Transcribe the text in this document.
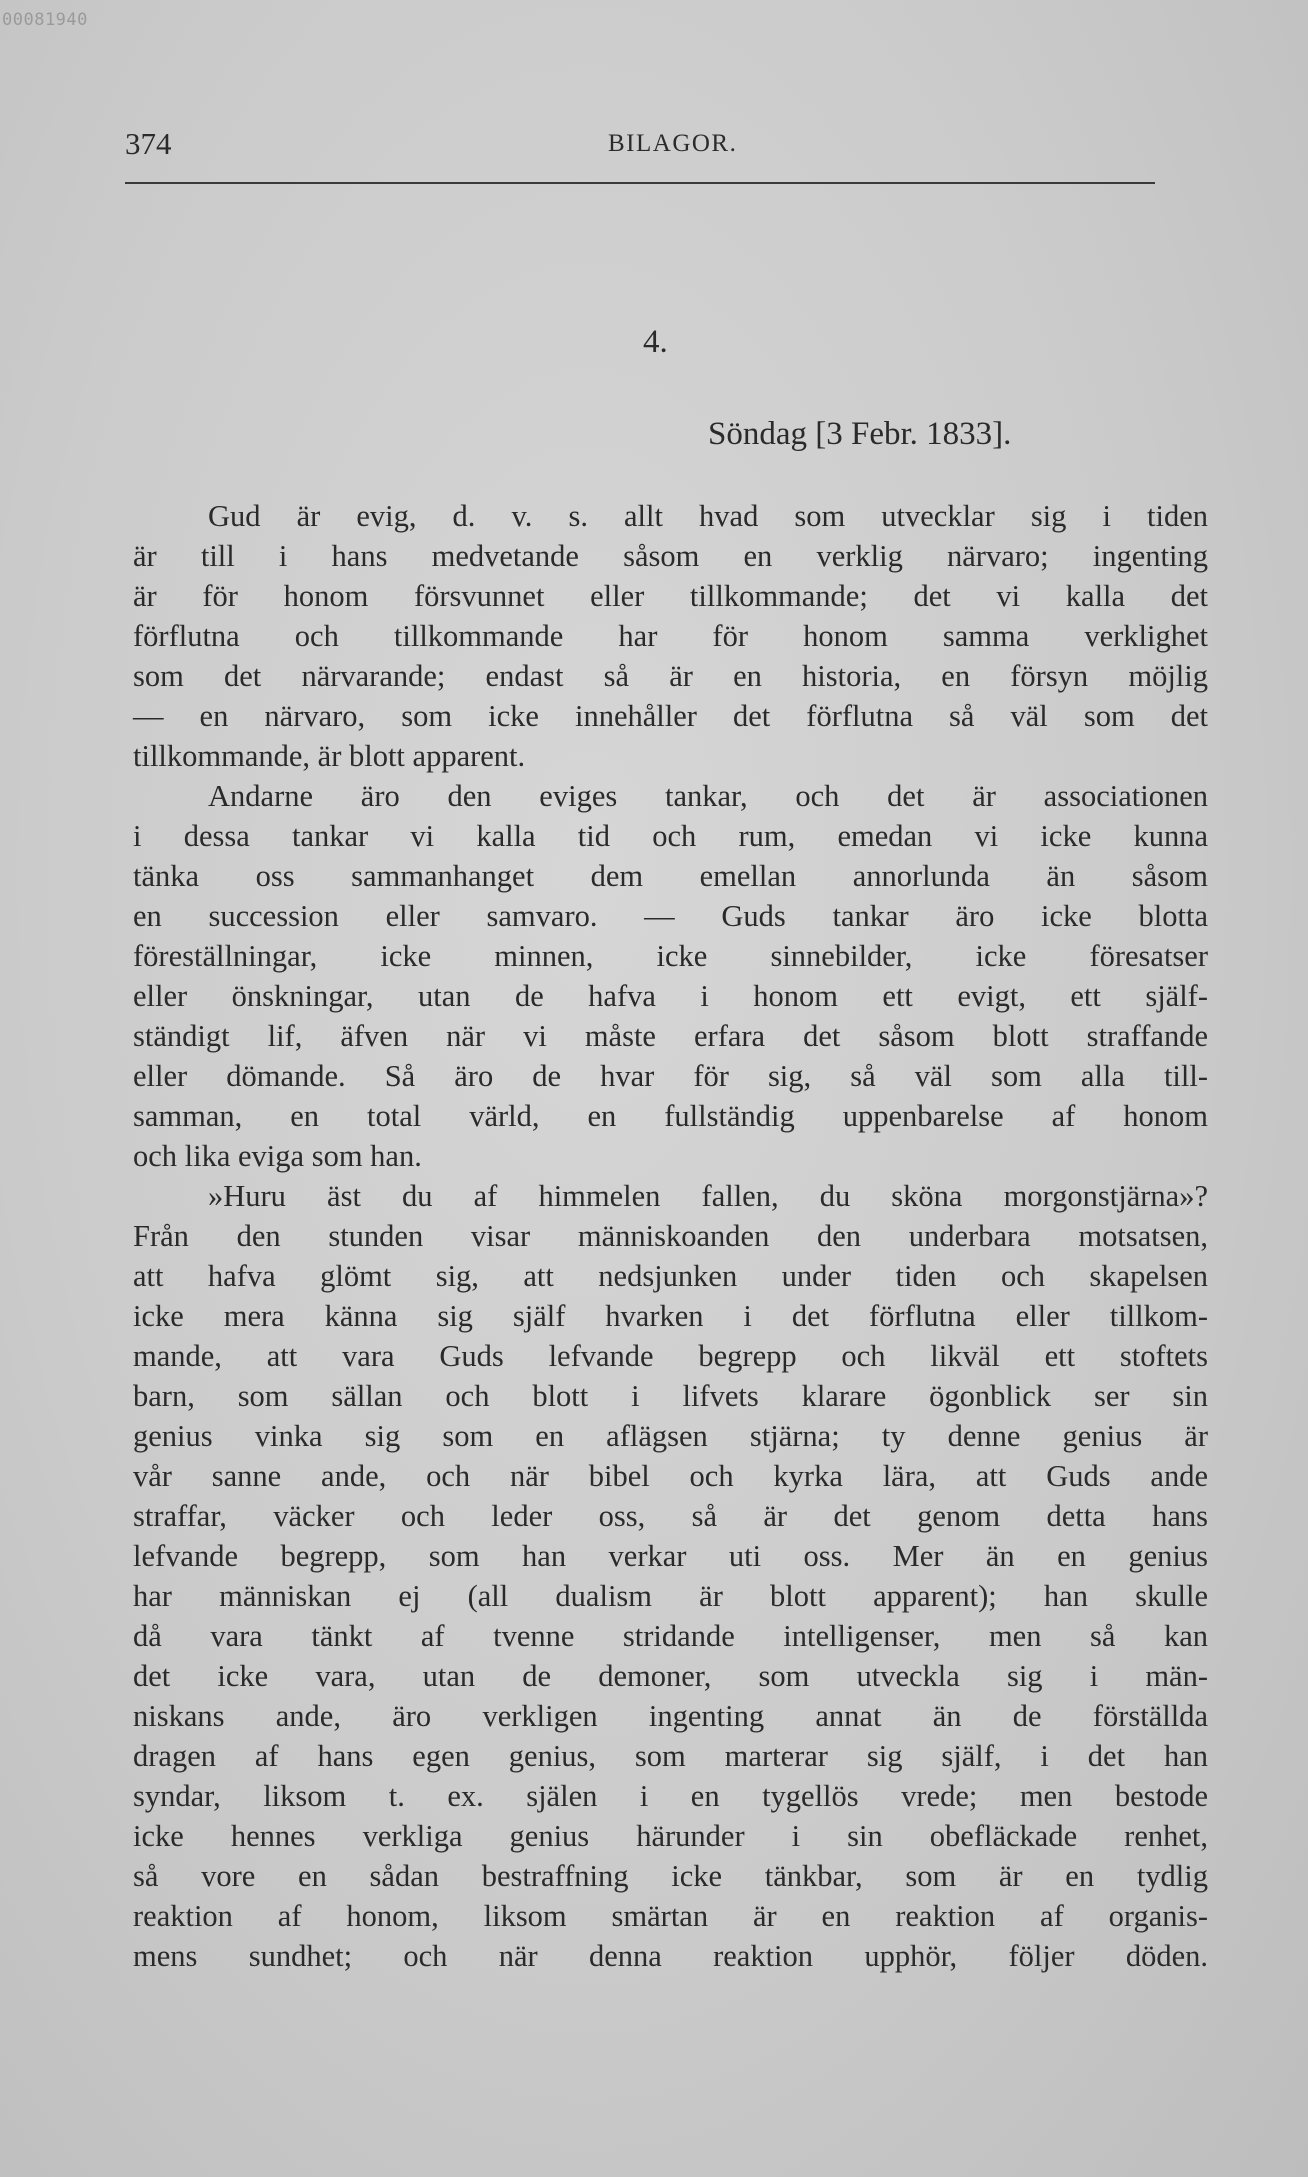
00081940
374	BILAGOR.
4.
Söndag [3 Febr. 1833].
Gud är evig, d. v. s. allt hvad som utvecklar sig i tiden
är till i hans medvetande såsom en verklig närvaro; ingenting
är för honom försvunnet eller tillkommande; det vi kalla det
förflutna och tillkommande har för honom samma verklighet
som det närvarande; endast så är en historia, en försyn möjlig
— en närvaro, som icke innehåller det förflutna så väl som det
tillkommande, är blott apparent.
Andarne äro den eviges tankar, och det är associationen
i dessa tankar vi kalla tid och rum, emedan vi icke kunna
tänka oss sammanhanget dem emellan annorlunda än såsom
en succession eller samvaro. — Guds tankar äro icke blotta
föreställningar, icke minnen, icke sinnebilder, icke föresatser
eller önskningar, utan de hafva i honom ett evigt, ett själf-
ständigt lif, äfven när vi måste erfara det såsom blott straffande
eller dömande. Så äro de hvar för sig, så väl som alla till-
samman, en total värld, en fullständig uppenbarelse af honom
och lika eviga som han.
»Huru äst du af himmelen fallen, du sköna morgonstjärna»?
Från den stunden visar människoanden den underbara motsatsen,
att hafva glömt sig, att nedsjunken under tiden och skapelsen
icke mera känna sig själf hvarken i det förflutna eller tillkom-
mande, att vara Guds lefvande begrepp och likväl ett stoftets
barn, som sällan och blott i lifvets klarare ögonblick ser sin
genius vinka sig som en aflägsen stjärna; ty denne genius är
vår sanne ande, och när bibel och kyrka lära, att Guds ande
straffar, väcker och leder oss, så är det genom detta hans
lefvande begrepp, som han verkar uti oss. Mer än en genius
har människan ej (all dualism är blott apparent); han skulle
då vara tänkt af tvenne stridande intelligenser, men så kan
det icke vara, utan de demoner, som utveckla sig i män-
niskans ande, äro verkligen ingenting annat än de förställda
dragen af hans egen genius, som marterar sig själf, i det han
syndar, liksom t. ex. själen i en tygellös vrede; men bestode
icke hennes verkliga genius härunder i sin obefläckade renhet,
så vore en sådan bestraffning icke tänkbar, som är en tydlig
reaktion af honom, liksom smärtan är en reaktion af organis-
mens sundhet; och när denna reaktion upphör, följer döden.
